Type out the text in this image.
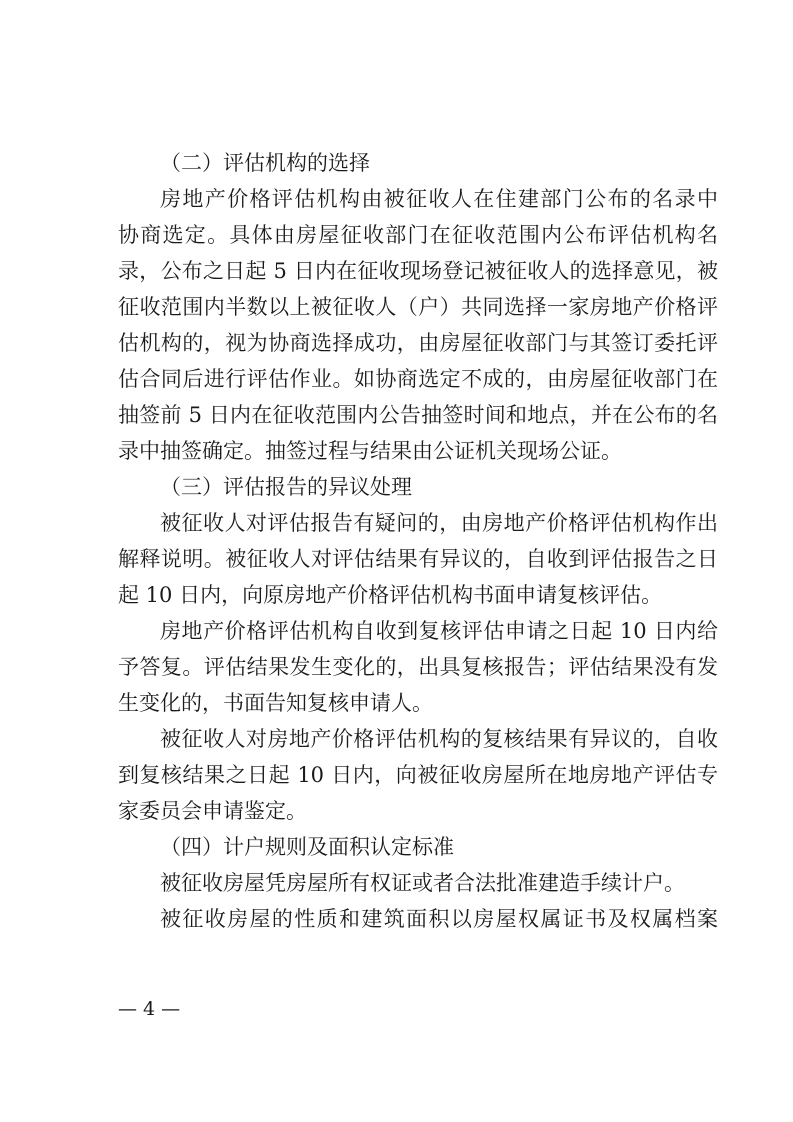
（二）评估机构的选择
房地产价格评估机构由被征收人在住建部门公布的名录中
协商选定。具体由房屋征收部门在征收范围内公布评估机构名
录，公布之日起 5 日内在征收现场登记被征收人的选择意见，被
征收范围内半数以上被征收人（户）共同选择一家房地产价格评
估机构的，视为协商选择成功，由房屋征收部门与其签订委托评
估合同后进行评估作业。如协商选定不成的，由房屋征收部门在
抽签前 5 日内在征收范围内公告抽签时间和地点，并在公布的名
录中抽签确定。抽签过程与结果由公证机关现场公证。
（三）评估报告的异议处理
被征收人对评估报告有疑问的，由房地产价格评估机构作出
解释说明。被征收人对评估结果有异议的，自收到评估报告之日
起 10 日内，向原房地产价格评估机构书面申请复核评估。
房地产价格评估机构自收到复核评估申请之日起 10 日内给
予答复。评估结果发生变化的，出具复核报告；评估结果没有发
生变化的，书面告知复核申请人。
被征收人对房地产价格评估机构的复核结果有异议的，自收
到复核结果之日起 10 日内，向被征收房屋所在地房地产评估专
家委员会申请鉴定。
（四）计户规则及面积认定标准
被征收房屋凭房屋所有权证或者合法批准建造手续计户。
被征收房屋的性质和建筑面积以房屋权属证书及权属档案
— 4 —
